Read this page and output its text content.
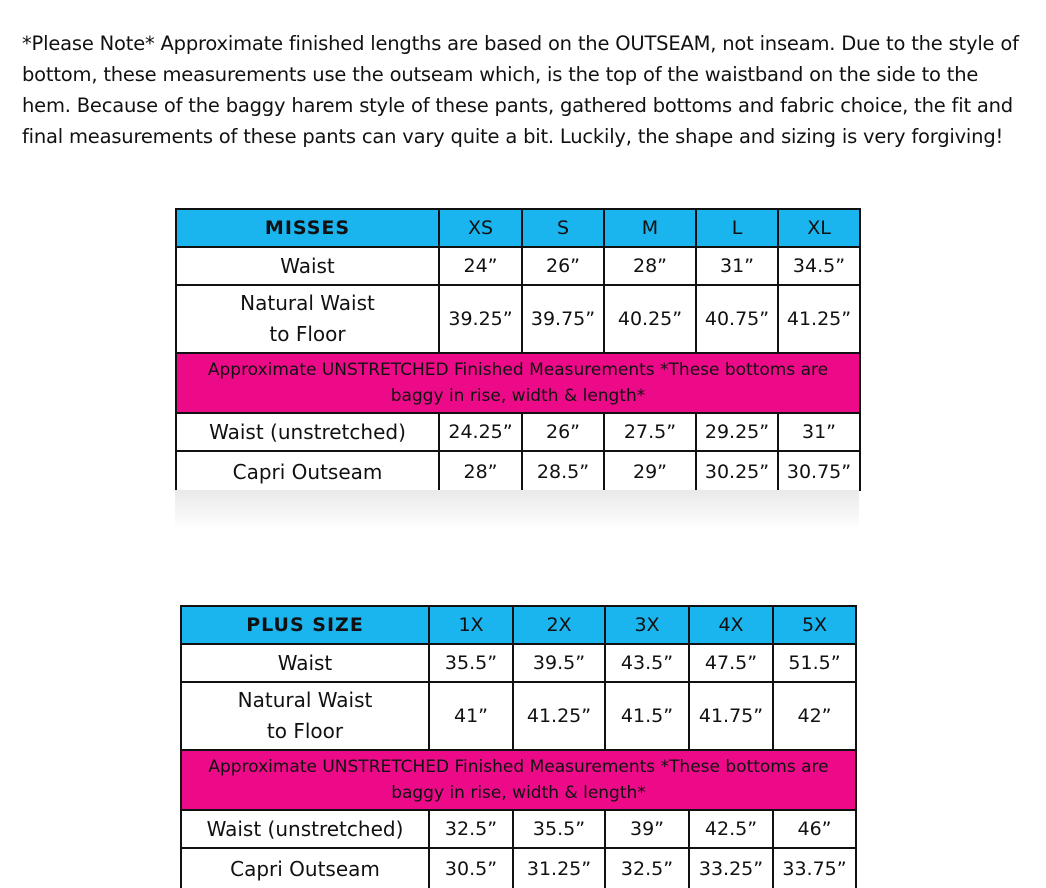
*Please Note* Approximate finished lengths are based on the OUTSEAM, not inseam. Due to the style of bottom, these measurements use the outseam which, is the top of the waistband on the side to the hem. Because of the baggy harem style of these pants, gathered bottoms and fabric choice, the fit and final measurements of these pants can vary quite a bit. Luckily, the shape and sizing is very forgiving!

MISSES	XS	S	M	L	XL
Waist	24”	26”	28”	31”	34.5”

Natural Waist
to Floor	39.25”	39.75”	40.25”	40.75”	41.25”
Approximate UNSTRETCHED Finished Measurements *These bottoms are baggy in rise, width & length*					
Waist (unstretched)	24.25”	26”	27.5”	29.25”	31”
Capri Outseam	28”	28.5”	29”	30.25”	30.75”
PLUS SIZE	1X	2X	3X	4X	5X
Waist	35.5”	39.5”	43.5”	47.5”	51.5”

Natural Waist
to Floor	41”	41.25”	41.5”	41.75”	42”
Approximate UNSTRETCHED Finished Measurements *These bottoms are baggy in rise, width & length*					
Waist (unstretched)	32.5”	35.5”	39”	42.5”	46”
Capri Outseam	30.5”	31.25”	32.5”	33.25”	33.75”
